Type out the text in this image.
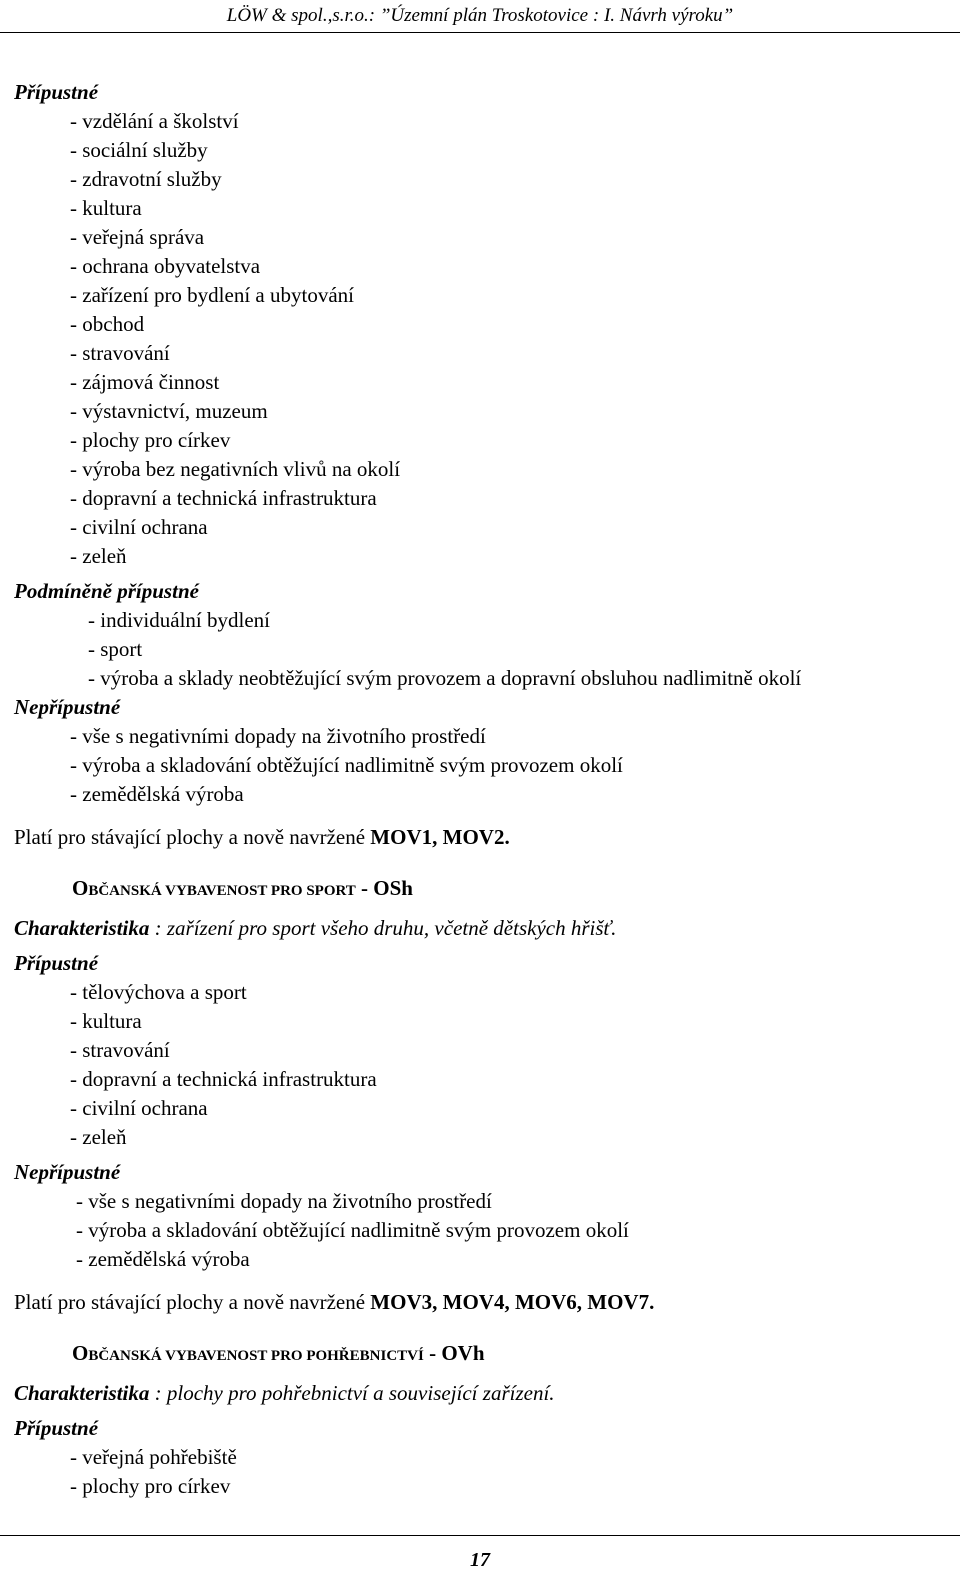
LÖW & spol.,s.r.o.: ”Územní plán Troskotovice : I. Návrh výroku”
Přípustné
- vzdělání a školství
- sociální služby
- zdravotní služby
- kultura
- veřejná správa
- ochrana obyvatelstva
- zařízení pro bydlení a ubytování
- obchod
- stravování
- zájmová činnost
- výstavnictví, muzeum
- plochy pro církev
- výroba bez negativních vlivů na okolí
- dopravní a technická infrastruktura
- civilní ochrana
- zeleň
Podmíněně přípustné
- individuální bydlení
- sport
- výroba a sklady neobtěžující svým provozem a dopravní obsluhou nadlimitně okolí
Nepřípustné
- vše s negativními dopady na životního prostředí
- výroba a skladování obtěžující nadlimitně svým provozem okolí
- zemědělská výroba
Platí pro stávající plochy a nově navržené MOV1, MOV2.
OBČANSKÁ VYBAVENOST PRO SPORT - OSh
Charakteristika : zařízení pro sport všeho druhu, včetně dětských hřišť.
Přípustné
- tělovýchova a sport
- kultura
- stravování
- dopravní a technická infrastruktura
- civilní ochrana
- zeleň
Nepřípustné
- vše s negativními dopady na životního prostředí
- výroba a skladování obtěžující nadlimitně svým provozem okolí
- zemědělská výroba
Platí pro stávající plochy a nově navržené MOV3, MOV4, MOV6, MOV7.
OBČANSKÁ VYBAVENOST PRO POHŘEBNICTVÍ - OVh
Charakteristika : plochy pro pohřebnictví a související zařízení.
Přípustné
- veřejná pohřebiště
- plochy pro církev
17
